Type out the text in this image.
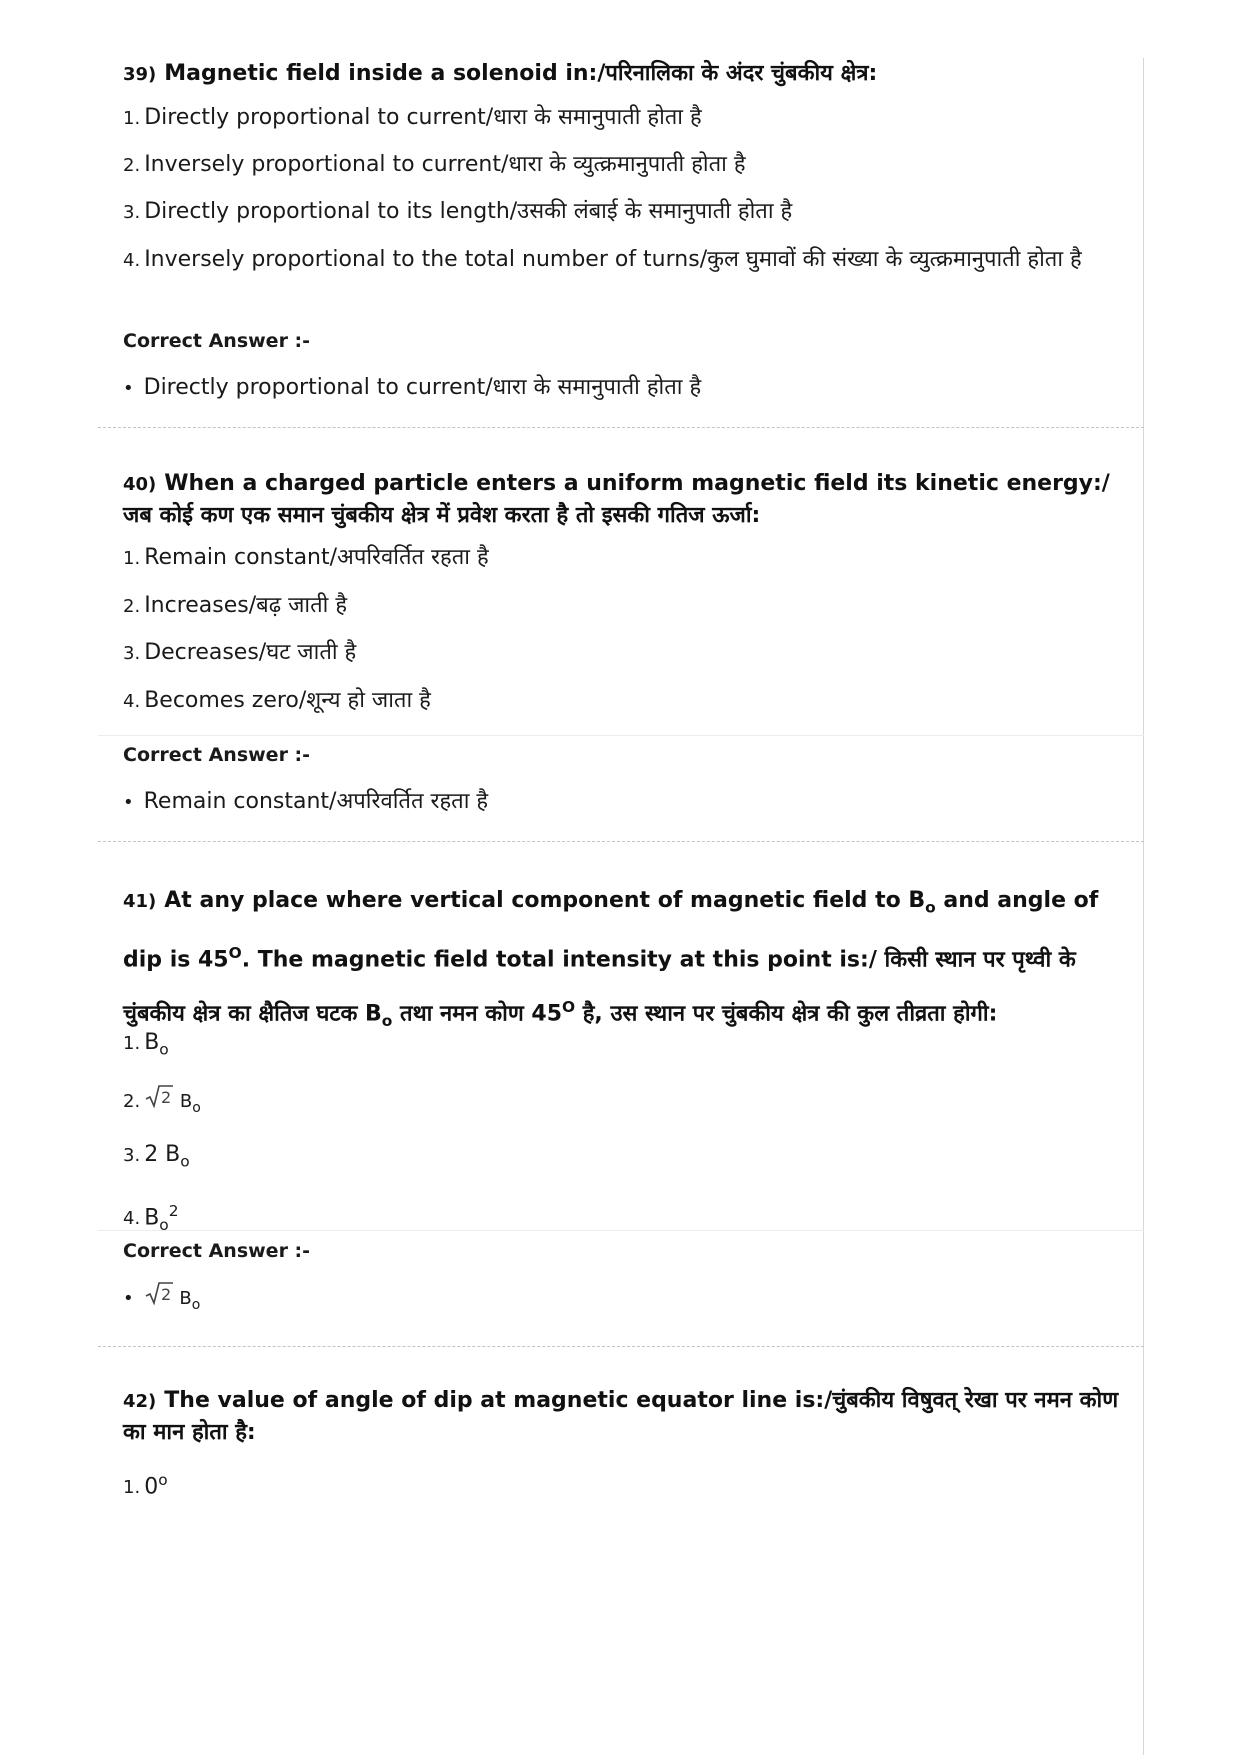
39) Magnetic field inside a solenoid in:/परिनालिका के अंदर चुंबकीय क्षेत्र:
1. Directly proportional to current/धारा के समानुपाती होता है
2. Inversely proportional to current/धारा के व्युत्क्रमानुपाती होता है
3. Directly proportional to its length/उसकी लंबाई के समानुपाती होता है
4. Inversely proportional to the total number of turns/कुल घुमावों की संख्या के व्युत्क्रमानुपाती होता है
Correct Answer :-
• Directly proportional to current/धारा के समानुपाती होता है
40) When a charged particle enters a uniform magnetic field its kinetic energy:/जब कोई कण एक समान चुंबकीय क्षेत्र में प्रवेश करता है तो इसकी गतिज ऊर्जा:
1. Remain constant/अपरिवर्तित रहता है
2. Increases/बढ़ जाती है
3. Decreases/घट जाती है
4. Becomes zero/शून्य हो जाता है
Correct Answer :-
• Remain constant/अपरिवर्तित रहता है
41) At any place where vertical component of magnetic field to $B_o$ and angle of dip is $45^O$. The magnetic field total intensity at this point is:/ किसी स्थान पर पृथ्वी के चुंबकीय क्षेत्र का क्षैतिज घटक $B_o$ तथा नमन कोण $45^O$ है, उस स्थान पर चुंबकीय क्षेत्र की कुल तीव्रता होगी:
1. $B_o$
2. 2 $B_o$
3. 2 $B_o$
4. $B_o^2$
Correct Answer :-
• 2 $B_o$
42) The value of angle of dip at magnetic equator line is:/चुंबकीय विषुवत् रेखा पर नमन कोण का मान होता है:
1. 0$^o$
